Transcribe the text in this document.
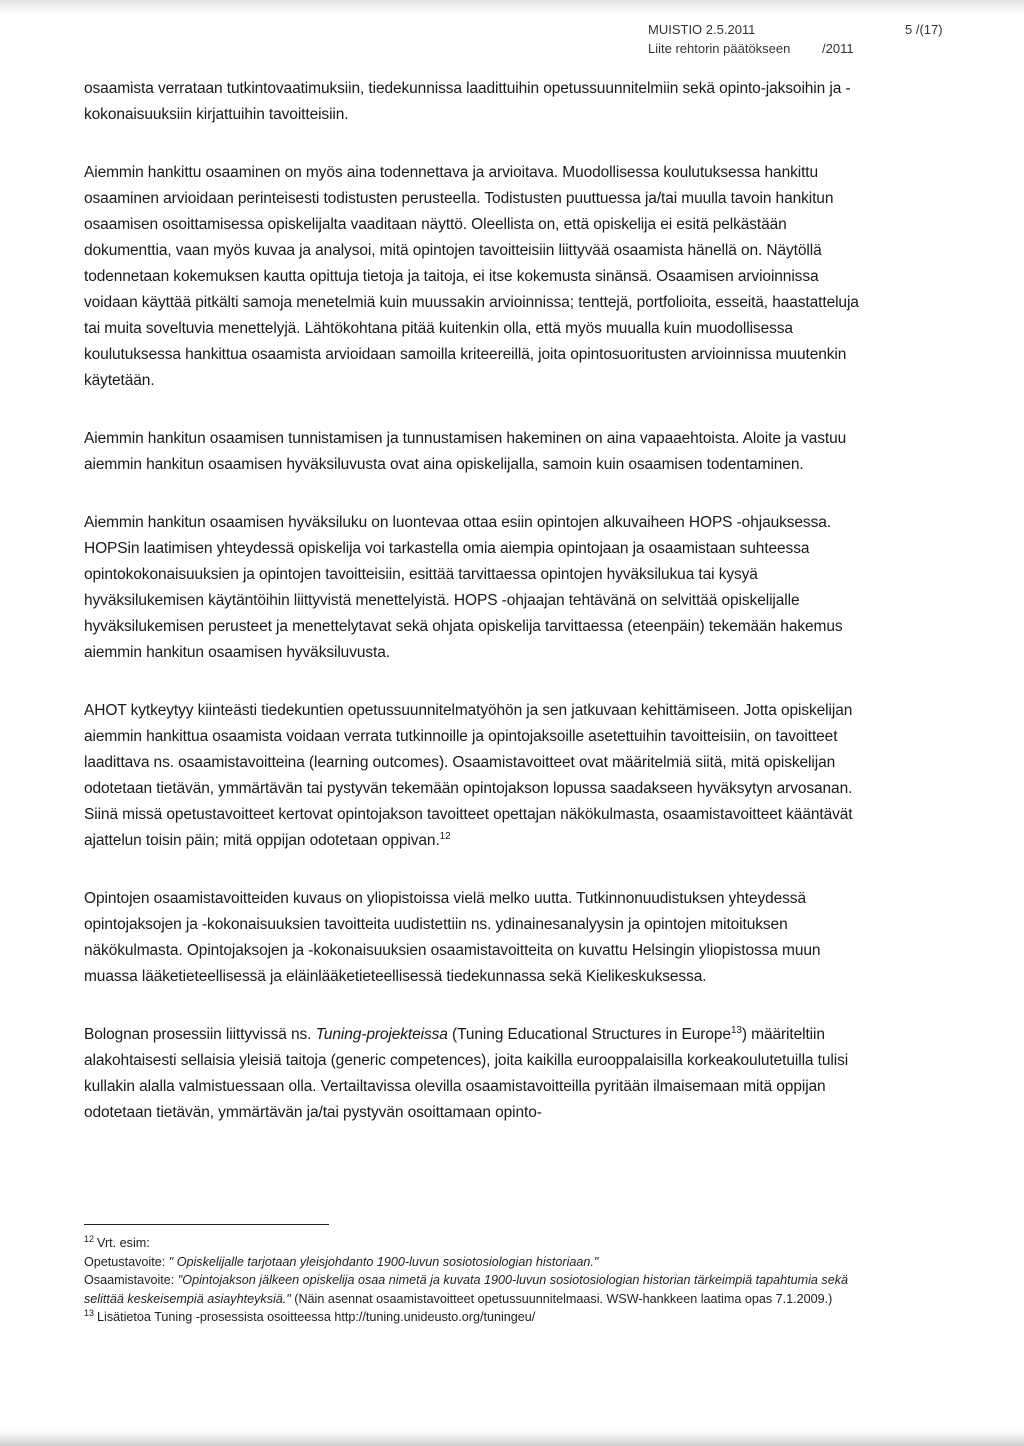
MUISTIO 2.5.2011	5 /(17)
Liite rehtorin päätökseen /2011

osaamista verrataan tutkintovaatimuksiin, tiedekunnissa laadittuihin opetussuunnitelmiin sekä opinto-jaksoihin ja -kokonaisuuksiin kirjattuihin tavoitteisiin.

Aiemmin hankittu osaaminen on myös aina todennettava ja arvioitava. Muodollisessa koulutuksessa hankittu osaaminen arvioidaan perinteisesti todistusten perusteella. Todistusten puuttuessa ja/tai muulla tavoin hankitun osaamisen osoittamisessa opiskelijalta vaaditaan näyttö. Oleellista on, että opiskelija ei esitä pelkästään dokumenttia, vaan myös kuvaa ja analysoi, mitä opintojen tavoitteisiin liittyvää osaamista hänellä on. Näytöllä todennetaan kokemuksen kautta opittuja tietoja ja taitoja, ei itse kokemusta sinänsä. Osaamisen arvioinnissa voidaan käyttää pitkälti samoja menetelmiä kuin muussakin arvioinnissa; tenttejä, portfolioita, esseitä, haastatteluja tai muita soveltuvia menettelyjä. Lähtökohtana pitää kuitenkin olla, että myös muualla kuin muodollisessa koulutuksessa hankittua osaamista arvioidaan samoilla kriteereillä, joita opintosuoritusten arvioinnissa muutenkin käytetään.

Aiemmin hankitun osaamisen tunnistamisen ja tunnustamisen hakeminen on aina vapaaehtoista. Aloite ja vastuu aiemmin hankitun osaamisen hyväksiluvusta ovat aina opiskelijalla, samoin kuin osaamisen todentaminen.

Aiemmin hankitun osaamisen hyväksiluku on luontevaa ottaa esiin opintojen alkuvaiheen HOPS -ohjauksessa. HOPSin laatimisen yhteydessä opiskelija voi tarkastella omia aiempia opintojaan ja osaamistaan suhteessa opintokokonaisuuksien ja opintojen tavoitteisiin, esittää tarvittaessa opintojen hyväksilukua tai kysyä hyväksilukemisen käytäntöihin liittyvistä menettelyistä. HOPS -ohjaajan tehtävänä on selvittää opiskelijalle hyväksilukemisen perusteet ja menettelytavat sekä ohjata opiskelija tarvittaessa (eteenpäin) tekemään hakemus aiemmin hankitun osaamisen hyväksiluvusta.

AHOT kytkeytyy kiinteästi tiedekuntien opetussuunnitelmatyöhön ja sen jatkuvaan kehittämiseen. Jotta opiskelijan aiemmin hankittua osaamista voidaan verrata tutkinnoille ja opintojaksoille asetettuihin tavoitteisiin, on tavoitteet laadittava ns. osaamistavoitteina (learning outcomes). Osaamistavoitteet ovat määritelmiä siitä, mitä opiskelijan odotetaan tietävän, ymmärtävän tai pystyvän tekemään opintojakson lopussa saadakseen hyväksytyn arvosanan. Siinä missä opetustavoitteet kertovat opintojakson tavoitteet opettajan näkökulmasta, osaamistavoitteet kääntävät ajattelun toisin päin; mitä oppijan odotetaan oppivan.$^{12}$

Opintojen osaamistavoitteiden kuvaus on yliopistoissa vielä melko uutta. Tutkinnonuudistuksen yhteydessä opintojaksojen ja -kokonaisuuksien tavoitteita uudistettiin ns. ydinainesanalyysin ja opintojen mitoituksen näkökulmasta. Opintojaksojen ja -kokonaisuuksien osaamistavoitteita on kuvattu Helsingin yliopistossa muun muassa lääketieteellisessä ja eläinlääketieteellisessä tiedekunnassa sekä Kielikeskuksessa.

Bolognan prosessiin liittyvissä ns. Tuning-projekteissa (Tuning Educational Structures in Europe$^{13}$) määriteltiin alakohtaisesti sellaisia yleisiä taitoja (generic competences), joita kaikilla eurooppalaisilla korkeakoulutetuilla tulisi kullakin alalla valmistuessaan olla. Vertailtavissa olevilla osaamistavoitteilla pyritään ilmaisemaan mitä oppijan odotetaan tietävän, ymmärtävän ja/tai pystyvän osoittamaan opinto-

$^{12}$ Vrt. esim:

Opetustavoite: " Opiskelijalle tarjotaan yleisjohdanto 1900-luvun sosiotosiologian historiaan."

Osaamistavoite: "Opintojakson jälkeen opiskelija osaa nimetä ja kuvata 1900-luvun sosiotosiologian historian tärkeimpiä tapahtumia sekä selittää keskeisempiä asiayhteyksiä." (Näin asennat osaamistavoitteet opetussuunnitelmaasi. WSW-hankkeen laatima opas 7.1.2009.)

$^{13}$ Lisätietoa Tuning -prosessista osoitteessa http://tuning.unideusto.org/tuningeu/
